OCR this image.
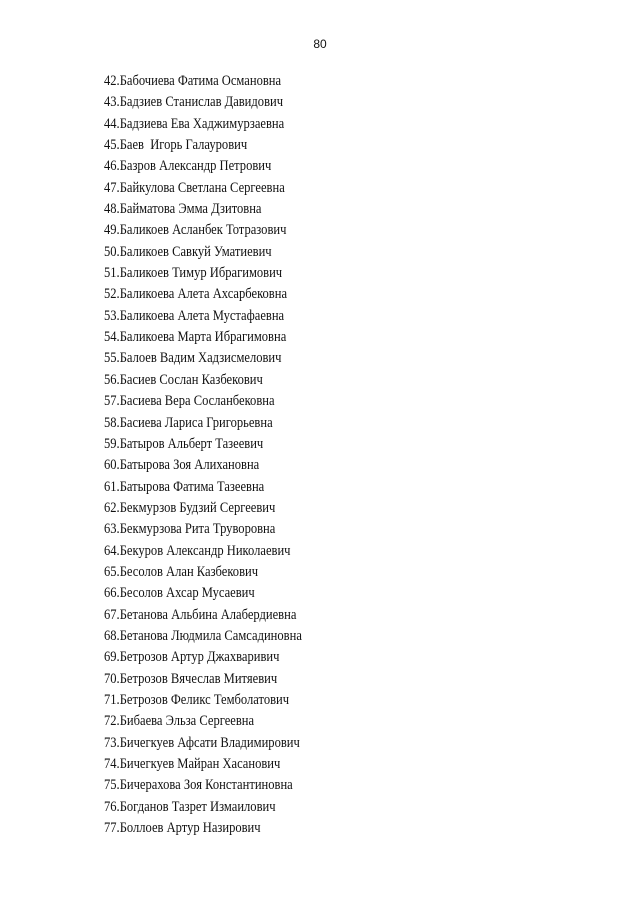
80
42.Бабочиева Фатима Османовна
43.Бадзиев Станислав Давидович
44.Бадзиева Ева Хаджимурзаевна
45.Баев  Игорь Галаурович
46.Базров Александр Петрович
47.Байкулова Светлана Сергеевна
48.Байматова Эмма Дзитовна
49.Баликоев Асланбек Тотразович
50.Баликоев Савкуй Уматиевич
51.Баликоев Тимур Ибрагимович
52.Баликоева Алета Ахсарбековна
53.Баликоева Алета Мустафаевна
54.Баликоева Марта Ибрагимовна
55.Балоев Вадим Хадзисмелович
56.Басиев Сослан Казбекович
57.Басиева Вера Сосланбековна
58.Басиева Лариса Григорьевна
59.Батыров Альберт Тазеевич
60.Батырова Зоя Алихановна
61.Батырова Фатима Тазеевна
62.Бекмурзов Будзий Сергеевич
63.Бекмурзова Рита Труворовна
64.Бекуров Александр Николаевич
65.Бесолов Алан Казбекович
66.Бесолов Ахсар Мусаевич
67.Бетанова Альбина Алабердиевна
68.Бетанова Людмила Самсадиновна
69.Бетрозов Артур Джахваривич
70.Бетрозов Вячеслав Митяевич
71.Бетрозов Феликс Темболатович
72.Бибаева Эльза Сергеевна
73.Бичегкуев Афсати Владимирович
74.Бичегкуев Майран Хасанович
75.Бичерахова Зоя Константиновна
76.Богданов Тазрет Измаилович
77.Боллоев Артур Назирович
